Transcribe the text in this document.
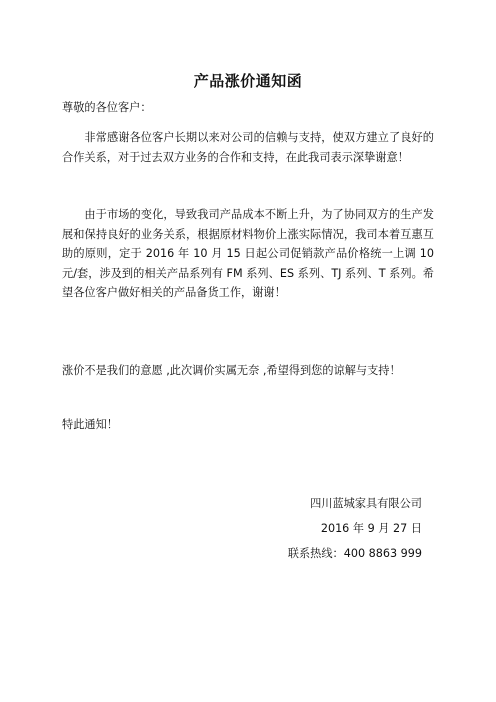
产品涨价通知函
尊敬的各位客户：
非常感谢各位客户长期以来对公司的信赖与支持，使双方建立了良好的合作关系，对于过去双方业务的合作和支持，在此我司表示深挚谢意！
由于市场的变化，导致我司产品成本不断上升，为了协同双方的生产发展和保持良好的业务关系，根据原材料物价上涨实际情况，我司本着互惠互助的原则，定于 2016 年 10 月 15 日起公司促销款产品价格统一上调 10 元/套，涉及到的相关产品系列有 FM 系列、ES 系列、TJ 系列、T 系列。希望各位客户做好相关的产品备货工作，谢谢！
涨价不是我们的意愿 ,此次调价实属无奈 ,希望得到您的谅解与支持！
特此通知！
四川蓝城家具有限公司
2016 年 9 月 27 日
联系热线：400 8863 999
